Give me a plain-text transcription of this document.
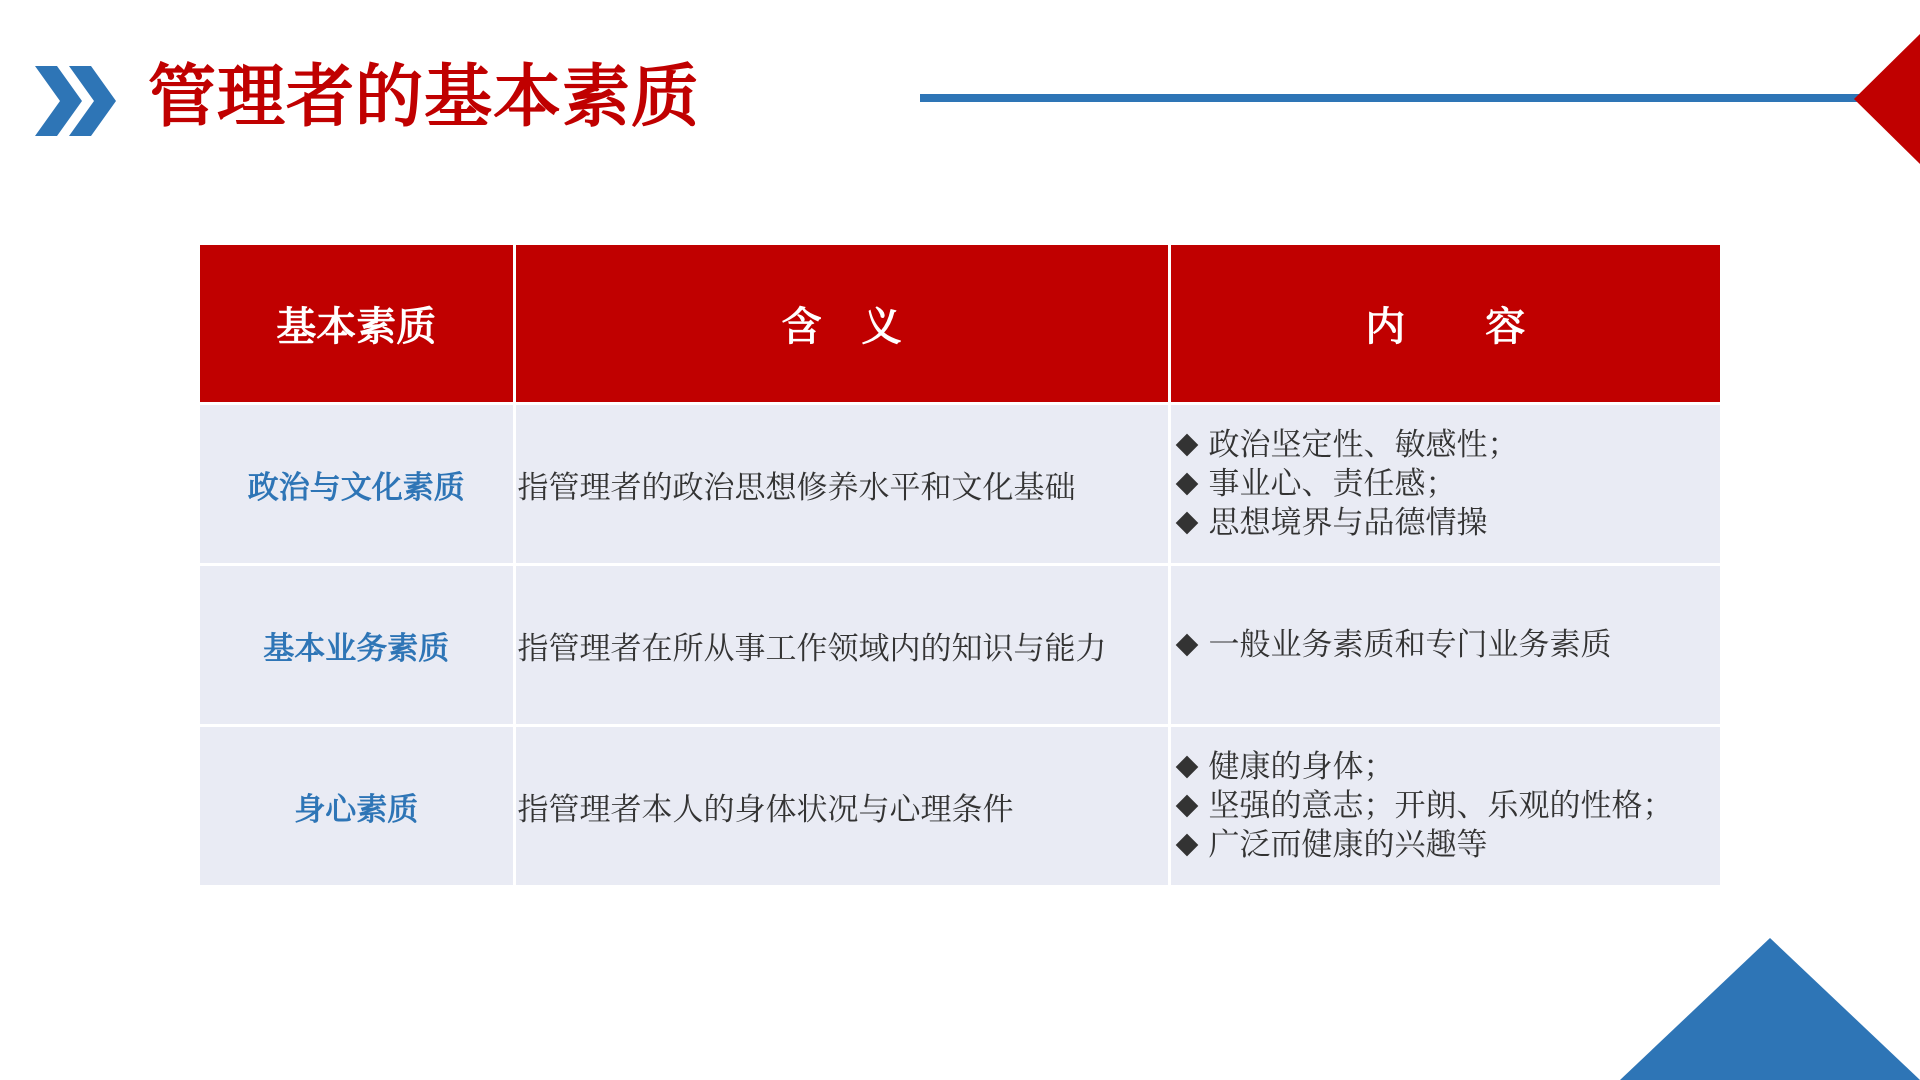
管理者的基本素质
基本素质	含　义	内　　容
政治与文化素质	指管理者的政治思想修养水平和文化基础	政治坚定性、敏感性；
事业心、责任感；
思想境界与品德情操

基本业务素质	指管理者在所从事工作领域内的知识与能力	一般业务素质和专门业务素质

身心素质	指管理者本人的身体状况与心理条件	健康的身体；
坚强的意志；开朗、乐观的性格；
广泛而健康的兴趣等
